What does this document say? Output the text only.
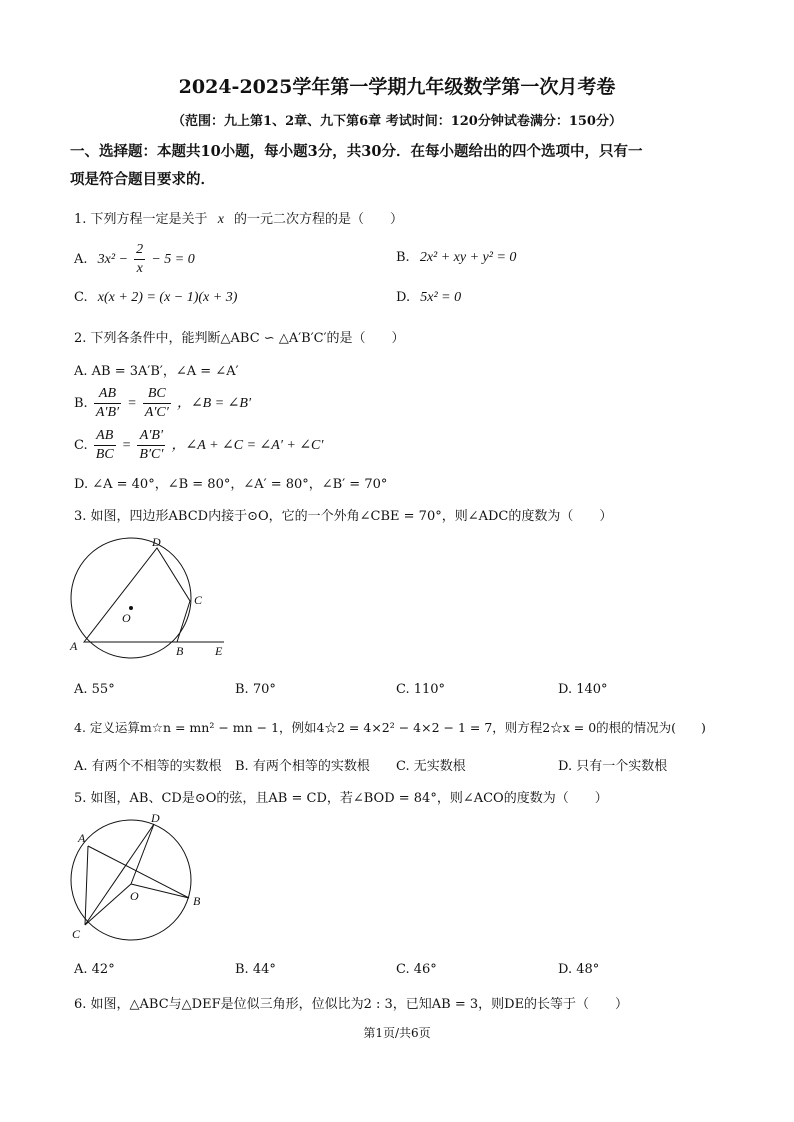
2024-2025学年第一学期九年级数学第一次月考卷
（范围：九上第1、2章、九下第6章 考试时间：120分钟试卷满分：150分）
一、选择题：本题共10小题，每小题3分，共30分．在每小题给出的四个选项中，只有一
项是符合题目要求的．
1. 下列方程一定是关于 x 的一元二次方程的是（　　）
A. $3x^2 - \frac{2}{x} - 5 = 0$	B. 2x² + xy + y² = 0
C. x(x + 2) = (x − 1)(x + 3)	D. 5x² = 0
2. 下列各条件中，能判断△ABC ∽ △A′B′C′的是（　　）
A. AB = 3A′B′，∠A = ∠A′
B. $\frac{AB}{A'B'} = \frac{BC}{A'C'}$ ，∠B = ∠B′
C. $\frac{AB}{BC} = \frac{A'B'}{B'C'}$ ，∠A + ∠C = ∠A′ + ∠C′
D. ∠A = 40°，∠B = 80°，∠A′ = 80°，∠B′ = 70°
3. 如图，四边形ABCD内接于⊙O，它的一个外角∠CBE = 70°，则∠ADC的度数为（　　）
A	B
C
D
E
O
A. 55°	B. 70°	C. 110°	D. 140°
4. 定义运算m☆n = mn² − mn − 1，例如4☆2 = 4×2² − 4×2 − 1 = 7，则方程2☆x = 0的根的情况为(　　)
A. 有两个不相等的实数根 B. 有两个相等的实数根 C. 无实数根	D. 只有一个实数根
5. 如图，AB、CD是⊙O的弦，且AB = CD，若∠BOD = 84°，则∠ACO的度数为（　　）
A
B
C
D
O
A. 42°	B. 44°	C. 46°	D. 48°
6. 如图，△ABC与△DEF是位似三角形，位似比为2 : 3，已知AB = 3，则DE的长等于（　　）
第1页/共6页
